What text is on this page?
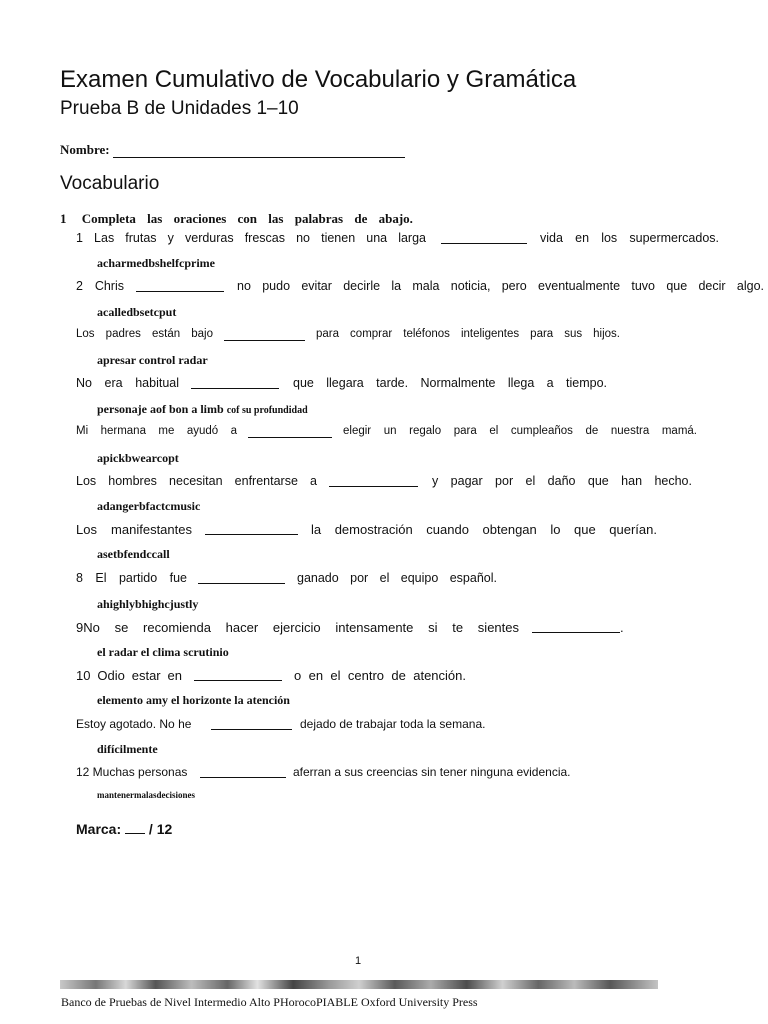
Examen Cumulativo de Vocabulario y Gramática
Prueba B de Unidades 1–10
Nombre:
Vocabulario
1 Completa las oraciones con las palabras de abajo.
1 Las frutas y verduras frescas no tienen una larga	vida en los supermercados.
acharmedbshelfcprime
2 Chris	no pudo evitar decirle la mala noticia, pero eventualmente tuvo que decir algo.
acalledbsetcput
Los padres están bajo	para comprar teléfonos inteligentes para sus hijos.
apresar control radar
No era habitual	que llegara tarde. Normalmente llega a tiempo.
personaje aof bon a limb cof su profundidad
Mi hermana me ayudó a	elegir un regalo para el cumpleaños de nuestra mamá.
apickbwearcopt
Los hombres necesitan enfrentarse a	y pagar por el daño que han hecho.
adangerbfactcmusic
Los manifestantes	la demostración cuando obtengan lo que querían.
asetbfendccall
8 El partido fue	ganado por el equipo español.
ahighlybhighcjustly
9No se recomienda hacer ejercicio intensamente si te sientes	.
el radar el clima scrutinio
10 Odio estar en	o en el centro de atención.
elemento amy el horizonte la atención
Estoy agotado. No he	dejado de trabajar toda la semana.
difícilmente
12 Muchas personas	aferran a sus creencias sin tener ninguna evidencia.
mantenermalasdecisiones
Marca: / 12
1
Banco de Pruebas de Nivel Intermedio Alto PHorocoPIABLE Oxford University Press
